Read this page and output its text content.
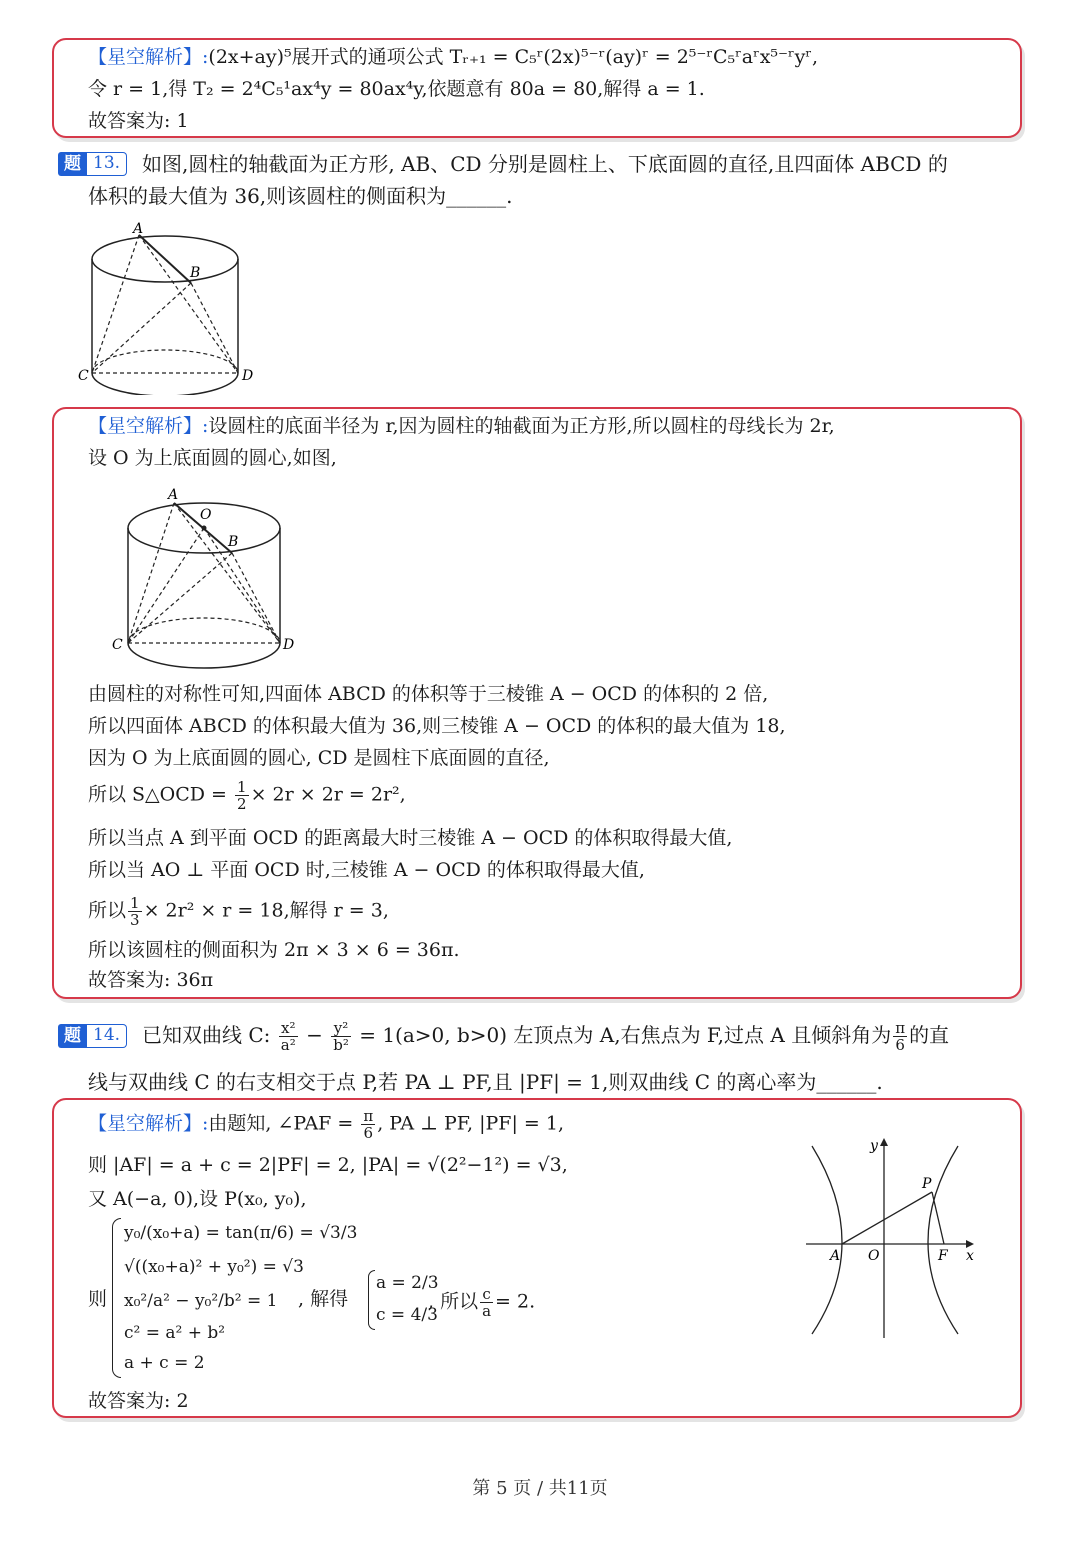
【星空解析】:(2x+ay)⁵展开式的通项公式 Tᵣ₊₁ = C₅ʳ(2x)⁵⁻ʳ(ay)ʳ = 2⁵⁻ʳC₅ʳaʳx⁵⁻ʳyʳ,
令 r = 1,得 T₂ = 2⁴C₅¹ax⁴y = 80ax⁴y,依题意有 80a = 80,解得 a = 1.
故答案为: 1
题 13.	如图,圆柱的轴截面为正方形, AB、CD 分别是圆柱上、下底面圆的直径,且四面体 ABCD 的
体积的最大值为 36,则该圆柱的侧面积为______.
A
B
C	D
【星空解析】:设圆柱的底面半径为 r,因为圆柱的轴截面为正方形,所以圆柱的母线长为 2r,
设 O 为上底面圆的圆心,如图,
A
O
B
C	D
由圆柱的对称性可知,四面体 ABCD 的体积等于三棱锥 A − OCD 的体积的 2 倍,
所以四面体 ABCD 的体积最大值为 36,则三棱锥 A − OCD 的体积的最大值为 18,
因为 O 为上底面圆的圆心, CD 是圆柱下底面圆的直径,
所以 S△OCD = $\frac{1}{2} \times 2r \times 2r = 2r^2$,
所以当点 A 到平面 OCD 的距离最大时三棱锥 A − OCD 的体积取得最大值,
所以当 AO ⊥ 平面 OCD 时,三棱锥 A − OCD 的体积取得最大值,
所以 $\frac{1}{3} \times 2r^2 \times r = 18$,解得 r = 3,
所以该圆柱的侧面积为 2π × 3 × 6 = 36π.
故答案为: 36π
题 14.	已知双曲线 C: $\frac{\text{x²}}{\text{a²}} - \frac{\text{y²}}{\text{b²}} = 1(a>0$, b>0) 左顶点为 A,右焦点为 F,过点 A 且倾斜角为 $\frac{\pi}{6}$ 的直
线与双曲线 C 的右支相交于点 P,若 PA ⊥ PF,且 |PF| = 1,则双曲线 C 的离心率为______.
【星空解析】:由题知, ∠PAF = $\frac{\pi}{6}$ , PA ⊥ PF, |PF| = 1,
则 |AF| = a + c = 2|PF| = 2, |PA| = √(2²−1²) = √3,
又 A(−a, 0),设 P(x₀, y₀),
则
y₀/(x₀+a) = tan(π/6) = √3/3
√((x₀+a)² + y₀²) = √3
x₀²/a² − y₀²/b² = 1
c² = a² + b²
a + c = 2
, 解得
a = 2/3
c = 4/3
, 所以 $\frac{c}{a} = 2$.
故答案为: 2
y
P
A O	F x
第 5 页 / 共11页
